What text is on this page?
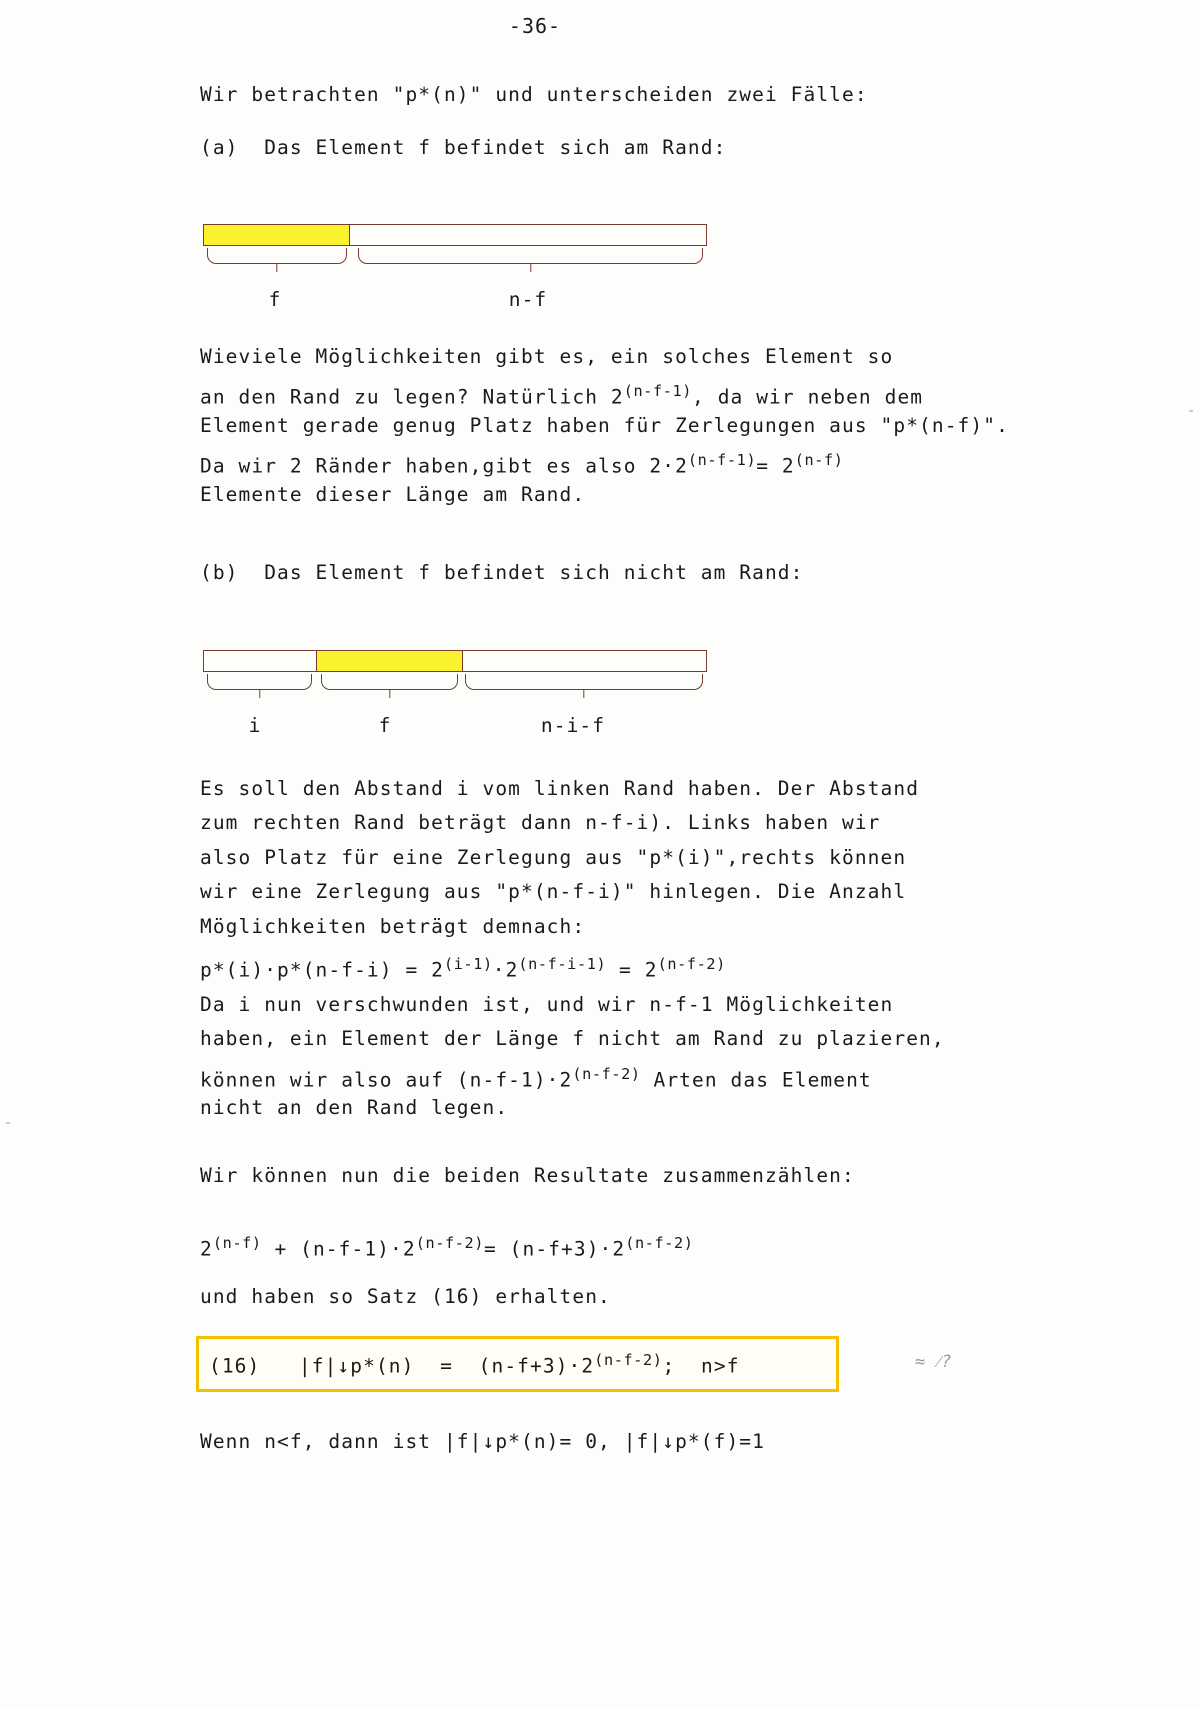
-36-
Wir betrachten "p*(n)" und unterscheiden zwei Fälle:
(a)  Das Element f befindet sich am Rand:
f	n-f
Wieviele Möglichkeiten gibt es, ein solches Element so
an den Rand zu legen? Natürlich 2$^{(n-f-1)}$, da wir neben dem
Element gerade genug Platz haben für Zerlegungen aus "p*(n-f)".
Da wir 2 Ränder haben,gibt es also $2\cdot 2^{(n-f-1)}= 2^{(n-f)}$
Elemente dieser Länge am Rand.
(b)  Das Element f befindet sich nicht am Rand:
i	f	n-i-f
Es soll den Abstand i vom linken Rand haben. Der Abstand
zum rechten Rand beträgt dann n-f-i). Links haben wir
also Platz für eine Zerlegung aus "p*(i)",rechts können
wir eine Zerlegung aus "p*(n-f-i)" hinlegen. Die Anzahl
Möglichkeiten beträgt demnach:
$p*(i)\cdot p*(n-f-i) = 2^{(i-1)}\cdot 2^{(n-f-i-1)} = 2^{(n-f-2)}$
Da i nun verschwunden ist, und wir n-f-1 Möglichkeiten
haben, ein Element der Länge f nicht am Rand zu plazieren,
können wir also auf $(n-f-1)\cdot 2^{(n-f-2)}$ Arten das Element
nicht an den Rand legen.
Wir können nun die beiden Resultate zusammenzählen:
$2^{(n-f)} + (n-f-1)\cdot 2^{(n-f-2)}= (n-f+3)\cdot 2^{(n-f-2)}$
und haben so Satz (16) erhalten.
(16) |f|↓p*(n)  =  $(n-f+3)\cdot 2^{(n-f-2)}$;  n>f	≈ ⁄?
Wenn n<f, dann ist |f|↓p*(n)= 0, |f|↓p*(f)=1
